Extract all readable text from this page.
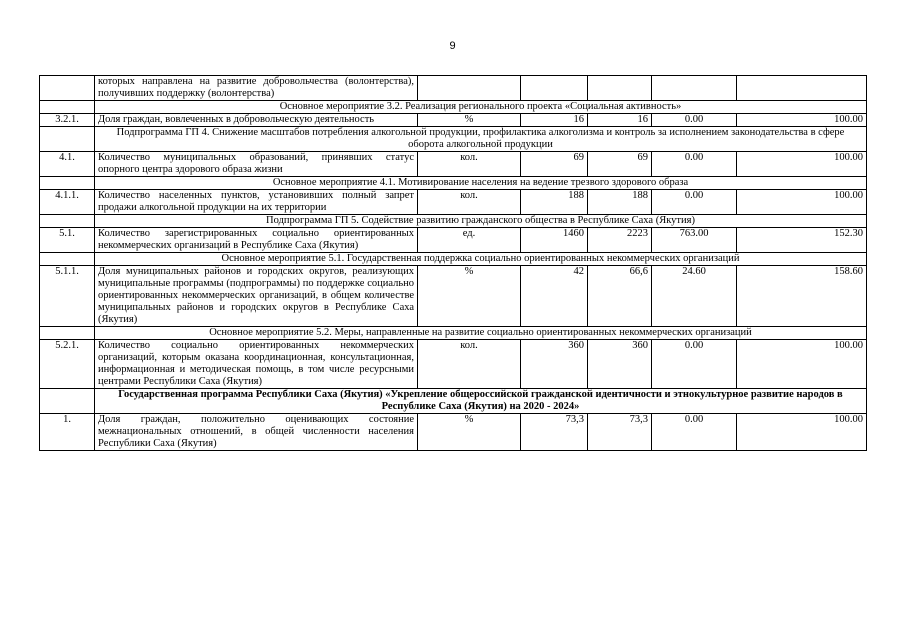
9
	которых направлена на развитие добровольчества (волонтерства), получивших поддержку (волонтерства)					
	Основное мероприятие 3.2. Реализация регионального проекта «Социальная активность»					
3.2.1.	Доля граждан, вовлеченных в добровольческую деятельность	%	16	16	0.00	100.00
	Подпрограмма ГП 4. Снижение масштабов потребления алкогольной продукции, профилактика алкоголизма и контроль за исполнением законодательства в сфере оборота алкогольной продукции					
4.1.	Количество муниципальных образований, принявших статус опорного центра здорового образа жизни	кол.	69	69	0.00	100.00
	Основное мероприятие 4.1. Мотивирование населения на ведение трезвого здорового образа					
4.1.1.	Количество населенных пунктов, установивших полный запрет продажи алкогольной продукции на их территории	кол.	188	188	0.00	100.00
	Подпрограмма ГП 5. Содействие развитию гражданского общества в Республике Саха (Якутия)					
5.1.	Количество зарегистрированных социально ориентированных некоммерческих организаций в Республике Саха (Якутия)	ед.	1460	2223	763.00	152.30
	Основное мероприятие 5.1. Государственная поддержка социально ориентированных некоммерческих организаций					
5.1.1.	Доля муниципальных районов и городских округов, реализующих муниципальные программы (подпрограммы) по поддержке социально ориентированных некоммерческих организаций, в общем количестве муниципальных районов и городских округов в Республике Саха (Якутия)	%	42	66,6	24.60	158.60
	Основное мероприятие 5.2. Меры, направленные на развитие социально ориентированных некоммерческих организаций					
5.2.1.	Количество социально ориентированных некоммерческих организаций, которым оказана координационная, консультационная, информационная и методическая помощь, в том числе ресурсными центрами Республики Саха (Якутия)	кол.	360	360	0.00	100.00
	Государственная программа Республики Саха (Якутия) «Укрепление общероссийской гражданской идентичности и этнокультурное развитие народов в Республике Саха (Якутия) на 2020 - 2024»					
1.	Доля граждан, положительно оценивающих состояние межнациональных отношений, в общей численности населения Республики Саха (Якутия)	%	73,3	73,3	0.00	100.00
